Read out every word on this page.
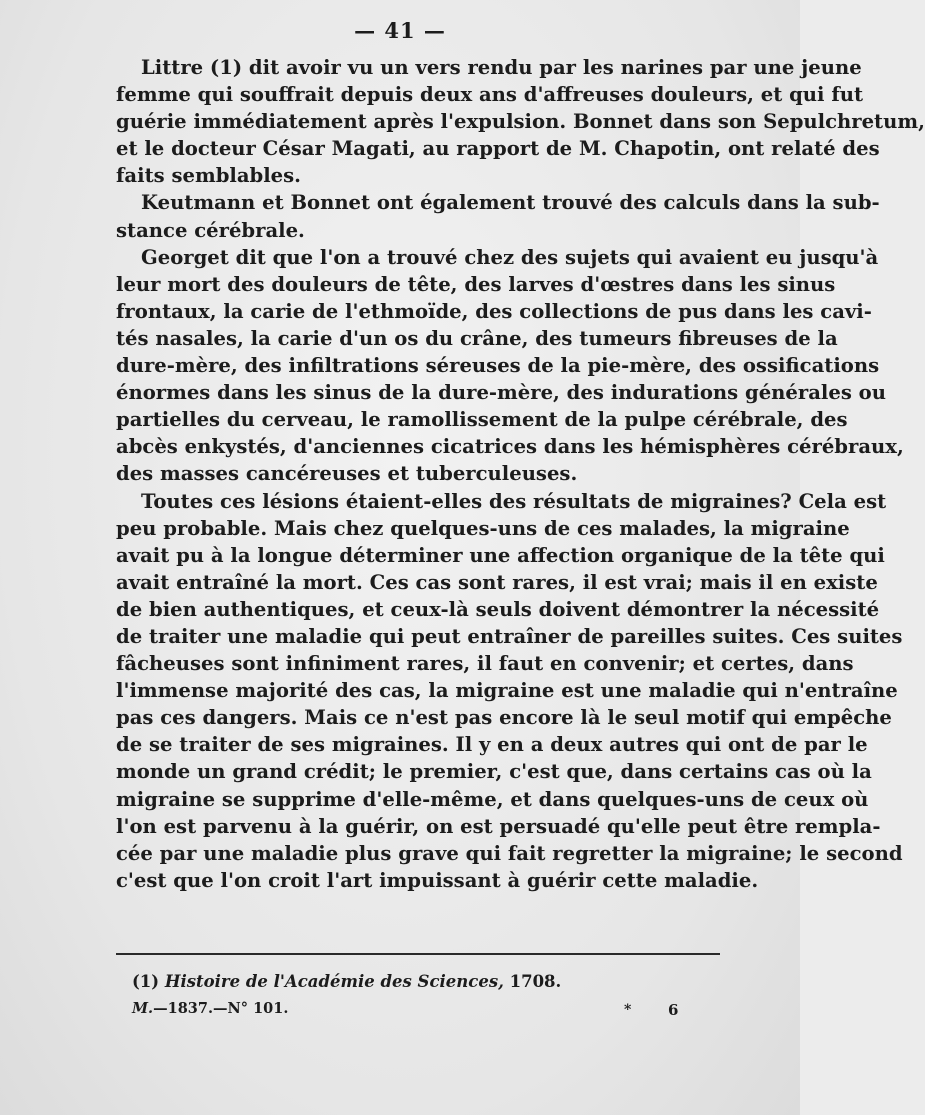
— 41 —
Littre (1) dit avoir vu un vers rendu par les narines par une jeune
femme qui souffrait depuis deux ans d'affreuses douleurs, et qui fut
guérie immédiatement après l'expulsion. Bonnet dans son Sepulchretum,
et le docteur César Magati, au rapport de M. Chapotin, ont relaté des
faits semblables.
Keutmann et Bonnet ont également trouvé des calculs dans la sub-
stance cérébrale.
Georget dit que l'on a trouvé chez des sujets qui avaient eu jusqu'à
leur mort des douleurs de tête, des larves d'œstres dans les sinus
frontaux, la carie de l'ethmoïde, des collections de pus dans les cavi-
tés nasales, la carie d'un os du crâne, des tumeurs fibreuses de la
dure-mère, des infiltrations séreuses de la pie-mère, des ossifications
énormes dans les sinus de la dure-mère, des indurations générales ou
partielles du cerveau, le ramollissement de la pulpe cérébrale, des
abcès enkystés, d'anciennes cicatrices dans les hémisphères cérébraux,
des masses cancéreuses et tuberculeuses.
Toutes ces lésions étaient-elles des résultats de migraines? Cela est
peu probable. Mais chez quelques-uns de ces malades, la migraine
avait pu à la longue déterminer une affection organique de la tête qui
avait entraîné la mort. Ces cas sont rares, il est vrai; mais il en existe
de bien authentiques, et ceux-là seuls doivent démontrer la nécessité
de traiter une maladie qui peut entraîner de pareilles suites. Ces suites
fâcheuses sont infiniment rares, il faut en convenir; et certes, dans
l'immense majorité des cas, la migraine est une maladie qui n'entraîne
pas ces dangers. Mais ce n'est pas encore là le seul motif qui empêche
de se traiter de ses migraines. Il y en a deux autres qui ont de par le
monde un grand crédit; le premier, c'est que, dans certains cas où la
migraine se supprime d'elle-même, et dans quelques-uns de ceux où
l'on est parvenu à la guérir, on est persuadé qu'elle peut être rempla-
cée par une maladie plus grave qui fait regretter la migraine; le second
c'est que l'on croit l'art impuissant à guérir cette maladie.
(1) Histoire de l'Académie des Sciences, 1708.
M.—1837.—N° 101.	* 6
